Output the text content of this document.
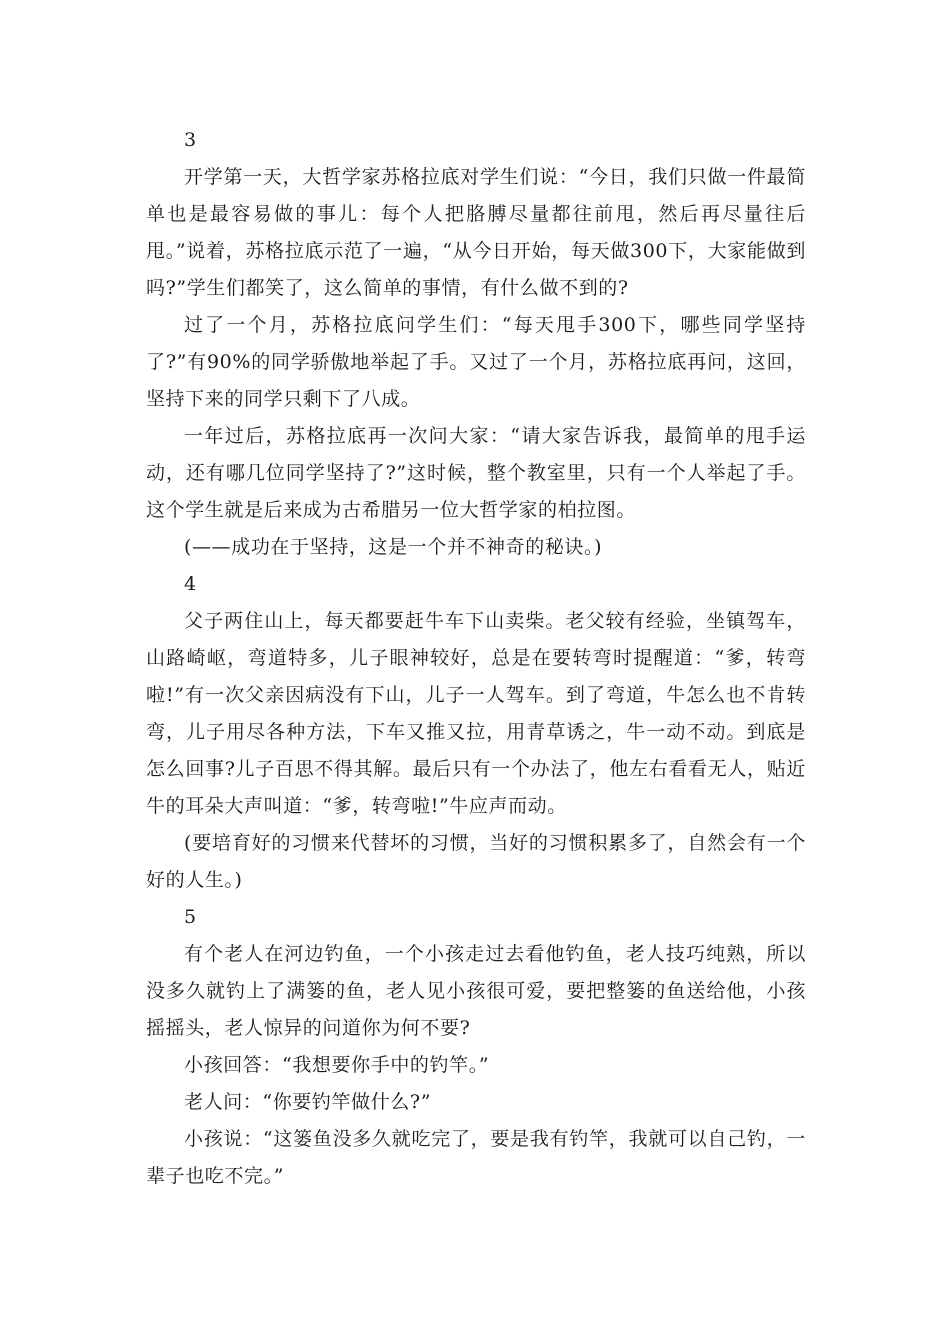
3

开学第一天，大哲学家苏格拉底对学生们说：“今日，我们只做一件最简单也是最容易做的事儿：每个人把胳膊尽量都往前甩，然后再尽量往后甩。”说着，苏格拉底示范了一遍，“从今日开始，每天做300下，大家能做到吗?”学生们都笑了，这么简单的事情，有什么做不到的?

过了一个月，苏格拉底问学生们：“每天甩手300下，哪些同学坚持了?”有90%的同学骄傲地举起了手。又过了一个月，苏格拉底再问，这回，坚持下来的同学只剩下了八成。

一年过后，苏格拉底再一次问大家：“请大家告诉我，最简单的甩手运动，还有哪几位同学坚持了?”这时候，整个教室里，只有一个人举起了手。这个学生就是后来成为古希腊另一位大哲学家的柏拉图。

(——成功在于坚持，这是一个并不神奇的秘诀。)

4

父子两住山上，每天都要赶牛车下山卖柴。老父较有经验，坐镇驾车，山路崎岖，弯道特多，儿子眼神较好，总是在要转弯时提醒道：“爹，转弯啦!”有一次父亲因病没有下山，儿子一人驾车。到了弯道，牛怎么也不肯转弯，儿子用尽各种方法，下车又推又拉，用青草诱之，牛一动不动。到底是怎么回事?儿子百思不得其解。最后只有一个办法了，他左右看看无人，贴近牛的耳朵大声叫道：“爹，转弯啦!”牛应声而动。

(要培育好的习惯来代替坏的习惯，当好的习惯积累多了，自然会有一个好的人生。)

5

有个老人在河边钓鱼，一个小孩走过去看他钓鱼，老人技巧纯熟，所以没多久就钓上了满篓的鱼，老人见小孩很可爱，要把整篓的鱼送给他，小孩摇摇头，老人惊异的问道你为何不要?

小孩回答：“我想要你手中的钓竿。”

老人问：“你要钓竿做什么?”

小孩说：“这篓鱼没多久就吃完了，要是我有钓竿，我就可以自己钓，一辈子也吃不完。”
